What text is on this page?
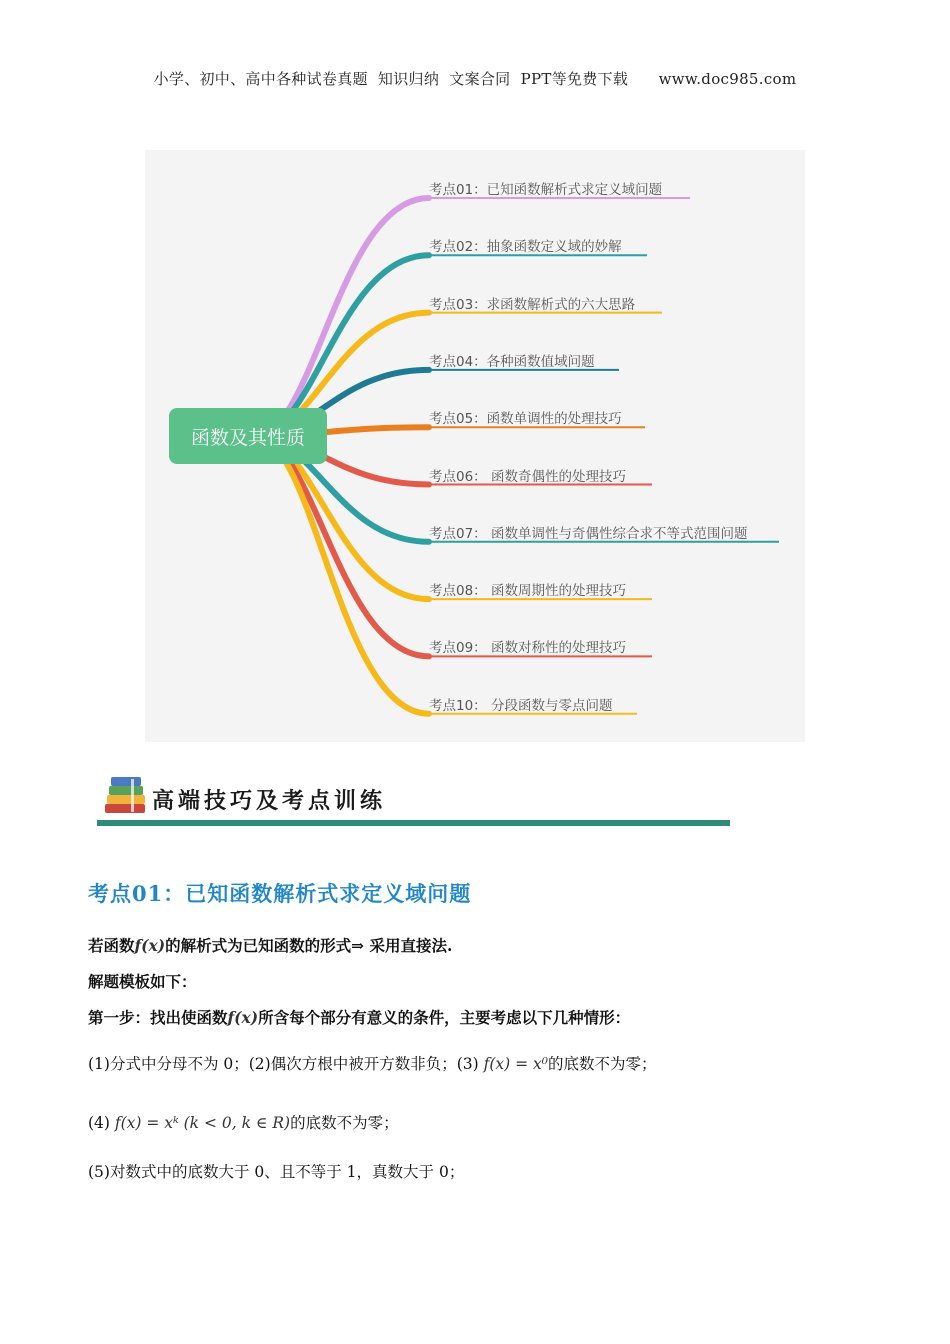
小学、初中、高中各种试卷真题  知识归纳  文案合同  PPT等免费下载      www.doc985.com
函数及其性质
考点01：已知函数解析式求定义域问题
考点02：抽象函数定义域的妙解
考点03：求函数解析式的六大思路
考点04：各种函数值域问题
考点05：函数单调性的处理技巧
考点06： 函数奇偶性的处理技巧
考点07： 函数单调性与奇偶性综合求不等式范围问题
考点08： 函数周期性的处理技巧
考点09： 函数对称性的处理技巧
考点10： 分段函数与零点问题
高端技巧及考点训练
考点01：已知函数解析式求定义域问题
若函数f(x)的解析式为已知函数的形式⇒ 采用直接法.
解题模板如下：
第一步：找出使函数f(x)所含每个部分有意义的条件，主要考虑以下几种情形：
(1)分式中分母不为 0；(2)偶次方根中被开方数非负；(3) f(x) = x⁰的底数不为零；
(4) f(x) = xᵏ (k < 0, k ∈ R)的底数不为零；
(5)对数式中的底数大于 0、且不等于 1，真数大于 0；
